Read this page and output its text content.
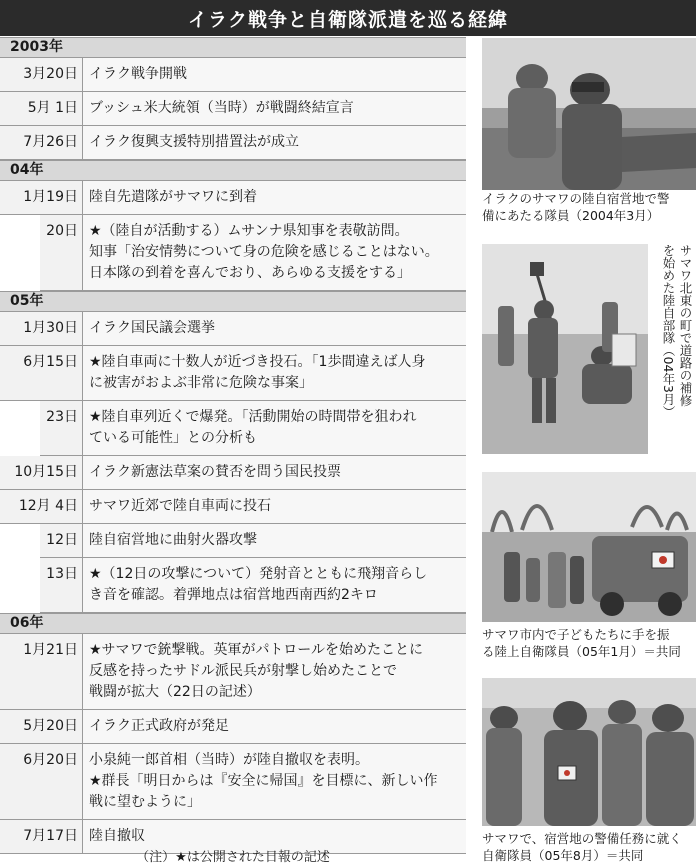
イラク戦争と自衛隊派遣を巡る経緯
2003年
3月20日 イラク戦争開戦
5月 1日 ブッシュ米大統領（当時）が戦闘終結宣言
7月26日 イラク復興支援特別措置法が成立
04年
1月19日 陸自先遣隊がサマワに到着
20日 ★（陸自が活動する）ムサンナ県知事を表敬訪問。
知事「治安情勢について身の危険を感じることはない。
日本隊の到着を喜んでおり、あらゆる支援をする」
05年
1月30日 イラク国民議会選挙
6月15日 ★陸自車両に十数人が近づき投石。「1歩間違えば人身
に被害がおよぶ非常に危険な事案」
23日 ★陸自車列近くで爆発。「活動開始の時間帯を狙われ
ている可能性」との分析も
10月15日 イラク新憲法草案の賛否を問う国民投票
12月 4日 サマワ近郊で陸自車両に投石
12日 陸自宿営地に曲射火器攻撃
13日 ★（12日の攻撃について）発射音とともに飛翔音らし
き音を確認。着弾地点は宿営地西南西約2キロ
06年
1月21日 ★サマワで銃撃戦。英軍がパトロールを始めたことに
反感を持ったサドル派民兵が射撃し始めたことで
戦闘が拡大（22日の記述）
5月20日 イラク正式政府が発足
6月20日 小泉純一郎首相（当時）が陸自撤収を表明。
★群長「明日からは『安全に帰国』を目標に、新しい作
戦に望むように」
7月17日 陸自撤収
（注）★は公開された日報の記述
イラクのサマワの陸自宿営地で警
備にあたる隊員（2004年3月）
サマワ北東の町で道路の補修
を始めた陸自部隊（04年3月）
サマワ市内で子どもたちに手を振
る陸上自衛隊員（05年1月）＝共同
サマワで、宿営地の警備任務に就く
自衛隊員（05年8月）＝共同
